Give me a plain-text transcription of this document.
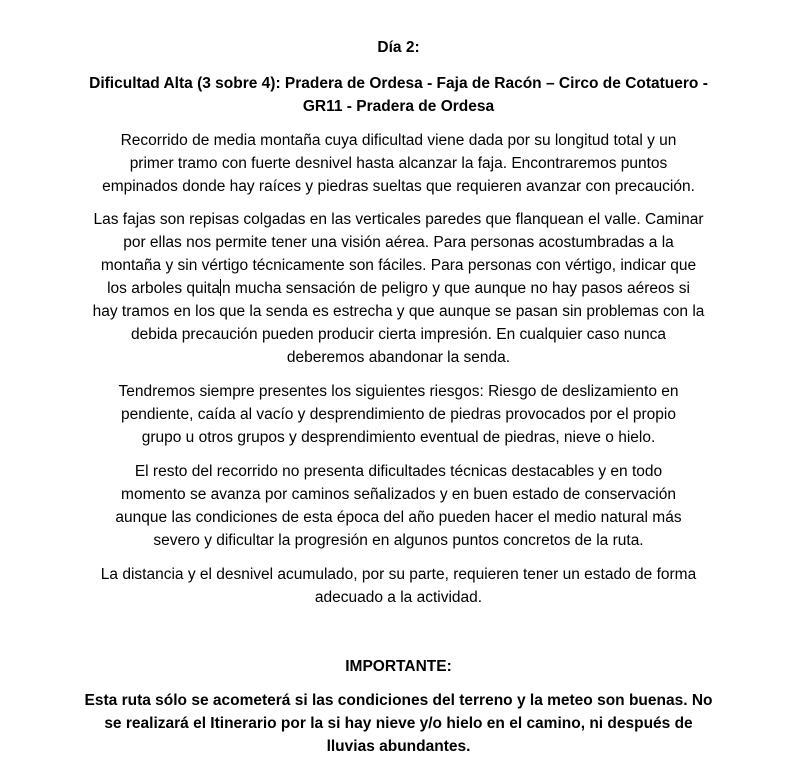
Día 2:
Dificultad Alta (3 sobre 4): Pradera de Ordesa - Faja de Racón – Circo de Cotatuero -
GR11 - Pradera de Ordesa
Recorrido de media montaña cuya dificultad viene dada por su longitud total y un
primer tramo con fuerte desnivel hasta alcanzar la faja. Encontraremos puntos
empinados donde hay raíces y piedras sueltas que requieren avanzar con precaución.
Las fajas son repisas colgadas en las verticales paredes que flanquean el valle. Caminar
por ellas nos permite tener una visión aérea. Para personas acostumbradas a la
montaña y sin vértigo técnicamente son fáciles. Para personas con vértigo, indicar que
los arboles quita n mucha sensación de peligro y que aunque no hay pasos aéreos si
hay tramos en los que la senda es estrecha y que aunque se pasan sin problemas con la
debida precaución pueden producir cierta impresión. En cualquier caso nunca
deberemos abandonar la senda.
Tendremos siempre presentes los siguientes riesgos: Riesgo de deslizamiento en
pendiente, caída al vacío y desprendimiento de piedras provocados por el propio
grupo u otros grupos y desprendimiento eventual de piedras, nieve o hielo.
El resto del recorrido no presenta dificultades técnicas destacables y en todo
momento se avanza por caminos señalizados y en buen estado de conservación
aunque las condiciones de esta época del año pueden hacer el medio natural más
severo y dificultar la progresión en algunos puntos concretos de la ruta.
La distancia y el desnivel acumulado, por su parte, requieren tener un estado de forma
adecuado a la actividad.
IMPORTANTE:
Esta ruta sólo se acometerá si las condiciones del terreno y la meteo son buenas. No
se realizará el Itinerario por la si hay nieve y/o hielo en el camino, ni después de
lluvias abundantes.
